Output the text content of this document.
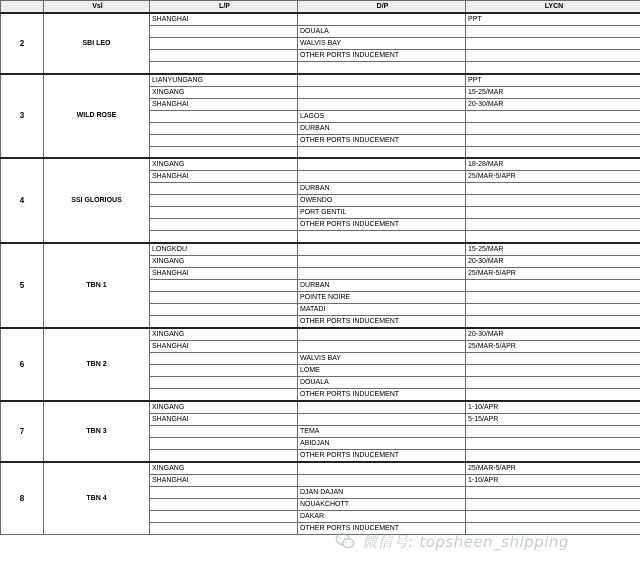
	Vsl	L/P	D/P	LYCN
2	SBI LEO	SHANGHAI		PPT
			DOUALA	
			WALVIS BAY	
			OTHER PORTS INDUCEMENT	

3	WILD ROSE	LIANYUNGANG		PPT
		XINGANG		15-25/MAR
		SHANGHAI		20-30/MAR
			LAGOS	
			DURBAN	
			OTHER PORTS INDUCEMENT	

4	SSI GLORIOUS	XINGANG		18-28/MAR
		SHANGHAI		25/MAR-5/APR
			DURBAN	
			OWENDO	
			PORT GENTIL	
			OTHER PORTS INDUCEMENT	

5	TBN 1	LONGKOU		15-25/MAR
		XINGANG		20-30/MAR
		SHANGHAI		25/MAR-5/APR
			DURBAN	
			POINTE NOIRE	
			MATADI	
			OTHER PORTS INDUCEMENT	
6	TBN 2	XINGANG		20-30/MAR
		SHANGHAI		25/MAR-5/APR
			WALVIS BAY	
			LOME	
			DOUALA	
			OTHER PORTS INDUCEMENT	
7	TBN 3	XINGANG		1-10/APR
		SHANGHAI		5-15/APR
			TEMA	
			ABIDJAN	
			OTHER PORTS INDUCEMENT	
8	TBN 4	XINGANG		25/MAR-5/APR
		SHANGHAI		1-10/APR
			DJAN DAJAN	
			NOUAKCHOTT	
			DAKAR	
			OTHER PORTS INDUCEMENT	
微信号: topsheen_shipping
